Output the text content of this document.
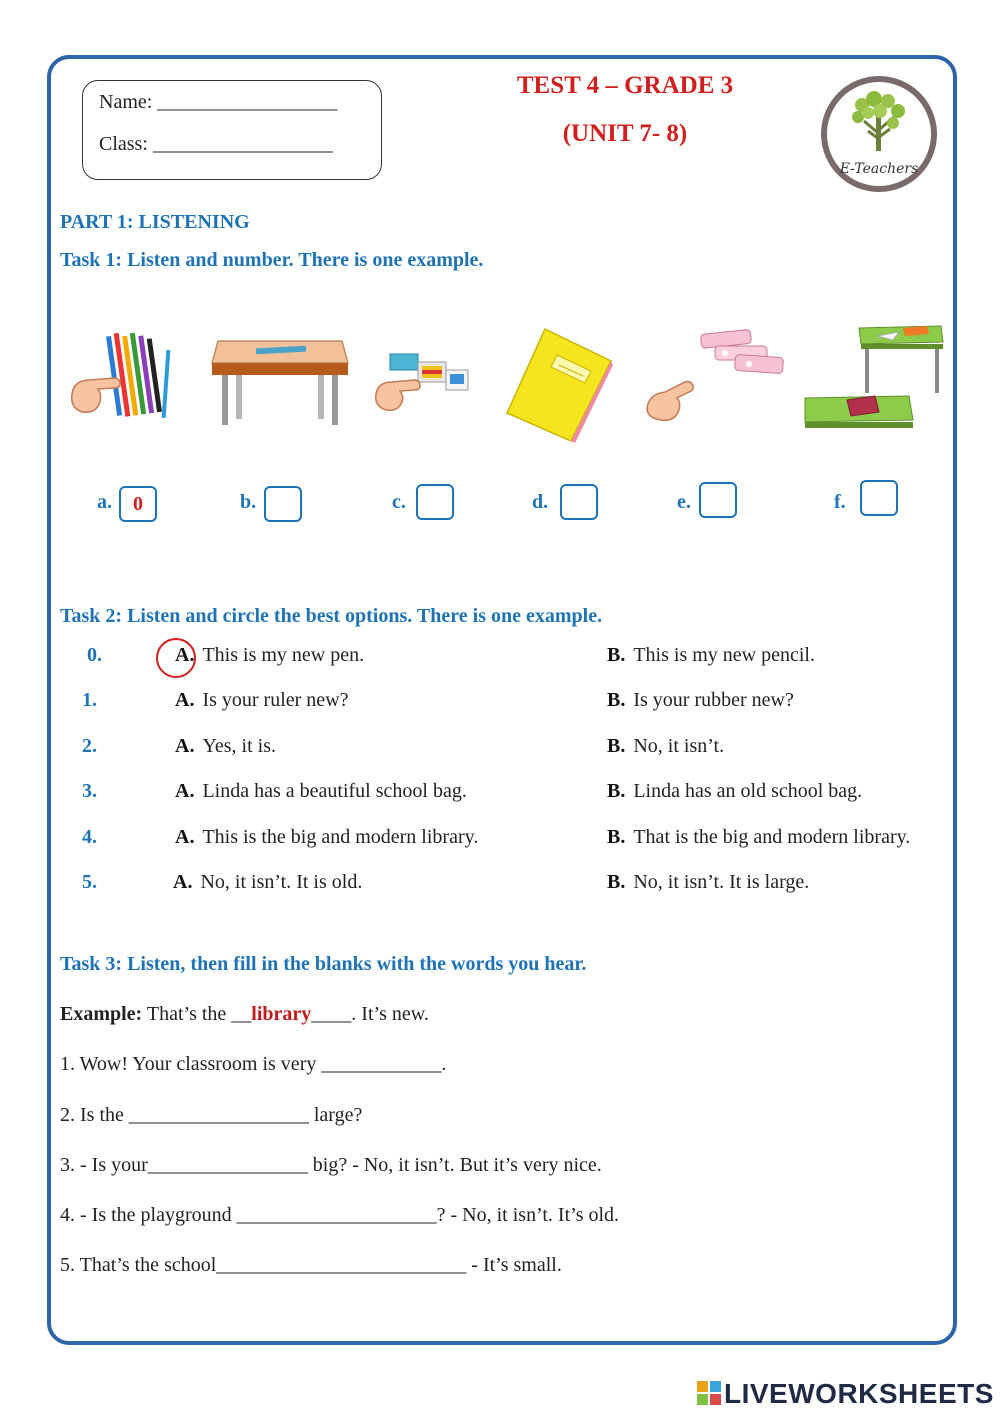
Name: __________________
Class: __________________
TEST 4 – GRADE 3
(UNIT 7- 8)
E-Teachers
PART 1: LISTENING
Task 1: Listen and number. There is one example.
a.	0	b.	c.	d.	e.	f.
Task 2: Listen and circle the best options. There is one example.
0.	A. This is my new pen.	B. This is my new pencil.
1.	A. Is your ruler new?	B. Is your rubber new?
2.	A. Yes, it is.	B. No, it isn’t.
3.	A. Linda has a beautiful school bag.	B. Linda has an old school bag.
4.	A. This is the big and modern library.	B. That is the big and modern library.
5.	A. No, it isn’t. It is old.	B. No, it isn’t. It is large.
Task 3: Listen, then fill in the blanks with the words you hear.
Example: That’s the __library____. It’s new.
1. Wow! Your classroom is very ____________.
2. Is the __________________ large?
3. - Is your________________ big? - No, it isn’t. But it’s very nice.
4. - Is the playground ____________________? - No, it isn’t. It’s old.
5. That’s the school_________________________ - It’s small.
LIVEWORKSHEETS
